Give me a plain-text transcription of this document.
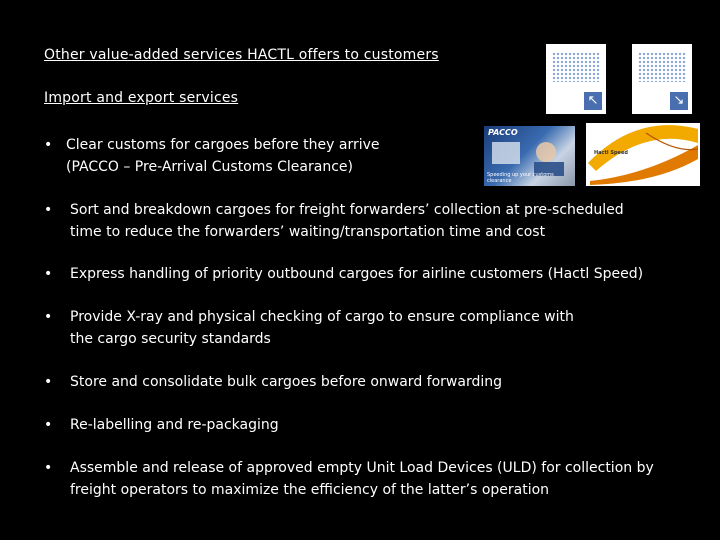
Other value-added services HACTL offers to customers
Import and export services	↖	↘
PACCO
Speeding up your customs clearance
Hactl Speed
• Clear customs for cargoes before they arrive
(PACCO – Pre-Arrival Customs Clearance)
• Sort and breakdown cargoes for freight forwarders’ collection at pre-scheduled
time to reduce the forwarders’ waiting/transportation time and cost
• Express handling of priority outbound cargoes for airline customers (Hactl Speed)
• Provide X-ray and physical checking of cargo to ensure compliance with
the cargo security standards
• Store and consolidate bulk cargoes before onward forwarding
• Re-labelling and re-packaging
• Assemble and release of approved empty Unit Load Devices (ULD) for collection by
freight operators to maximize the efficiency of the latter’s operation
